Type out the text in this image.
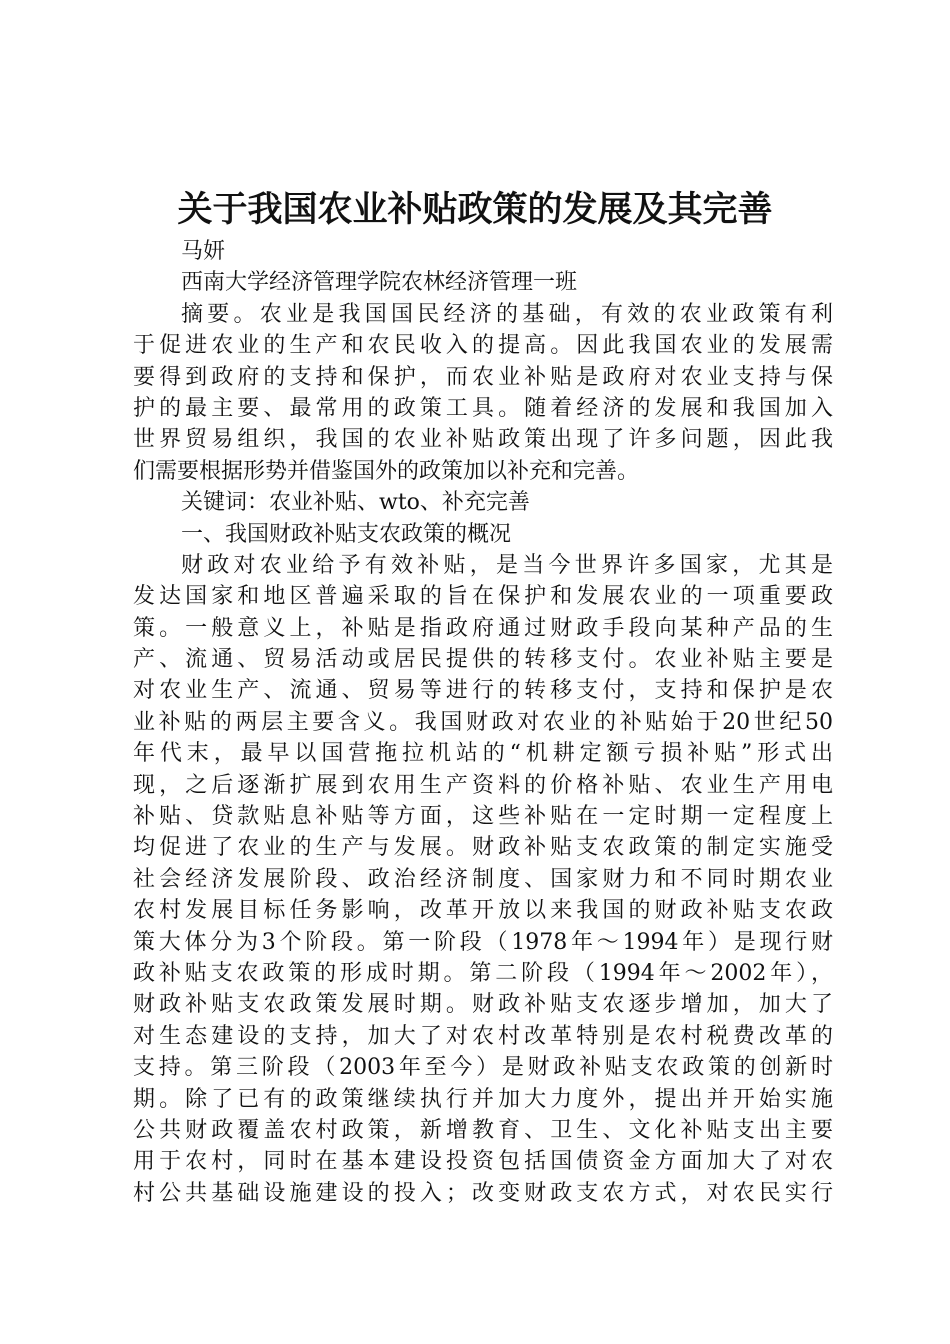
关于我国农业补贴政策的发展及其完善
马妍
西南大学经济管理学院农林经济管理一班
摘要。农业是我国国民经济的基础，有效的农业政策有利
于促进农业的生产和农民收入的提高。因此我国农业的发展需
要得到政府的支持和保护，而农业补贴是政府对农业支持与保
护的最主要、最常用的政策工具。随着经济的发展和我国加入
世界贸易组织，我国的农业补贴政策出现了许多问题，因此我
们需要根据形势并借鉴国外的政策加以补充和完善。
关键词：农业补贴、wto、补充完善
一、我国财政补贴支农政策的概况
财政对农业给予有效补贴，是当今世界许多国家，尤其是
发达国家和地区普遍采取的旨在保护和发展农业的一项重要政
策。一般意义上，补贴是指政府通过财政手段向某种产品的生
产、流通、贸易活动或居民提供的转移支付。农业补贴主要是
对农业生产、流通、贸易等进行的转移支付，支持和保护是农
业补贴的两层主要含义。我国财政对农业的补贴始于20世纪50
年代末，最早以国营拖拉机站的“机耕定额亏损补贴”形式出
现，之后逐渐扩展到农用生产资料的价格补贴、农业生产用电
补贴、贷款贴息补贴等方面，这些补贴在一定时期一定程度上
均促进了农业的生产与发展。财政补贴支农政策的制定实施受
社会经济发展阶段、政治经济制度、国家财力和不同时期农业
农村发展目标任务影响，改革开放以来我国的财政补贴支农政
策大体分为3个阶段。第一阶段（1978年～1994年）是现行财
政补贴支农政策的形成时期。第二阶段（1994年～2002年），
财政补贴支农政策发展时期。财政补贴支农逐步增加，加大了
对生态建设的支持，加大了对农村改革特别是农村税费改革的
支持。第三阶段（2003年至今）是财政补贴支农政策的创新时
期。除了已有的政策继续执行并加大力度外，提出并开始实施
公共财政覆盖农村政策，新增教育、卫生、文化补贴支出主要
用于农村，同时在基本建设投资包括国债资金方面加大了对农
村公共基础设施建设的投入；改变财政支农方式，对农民实行
